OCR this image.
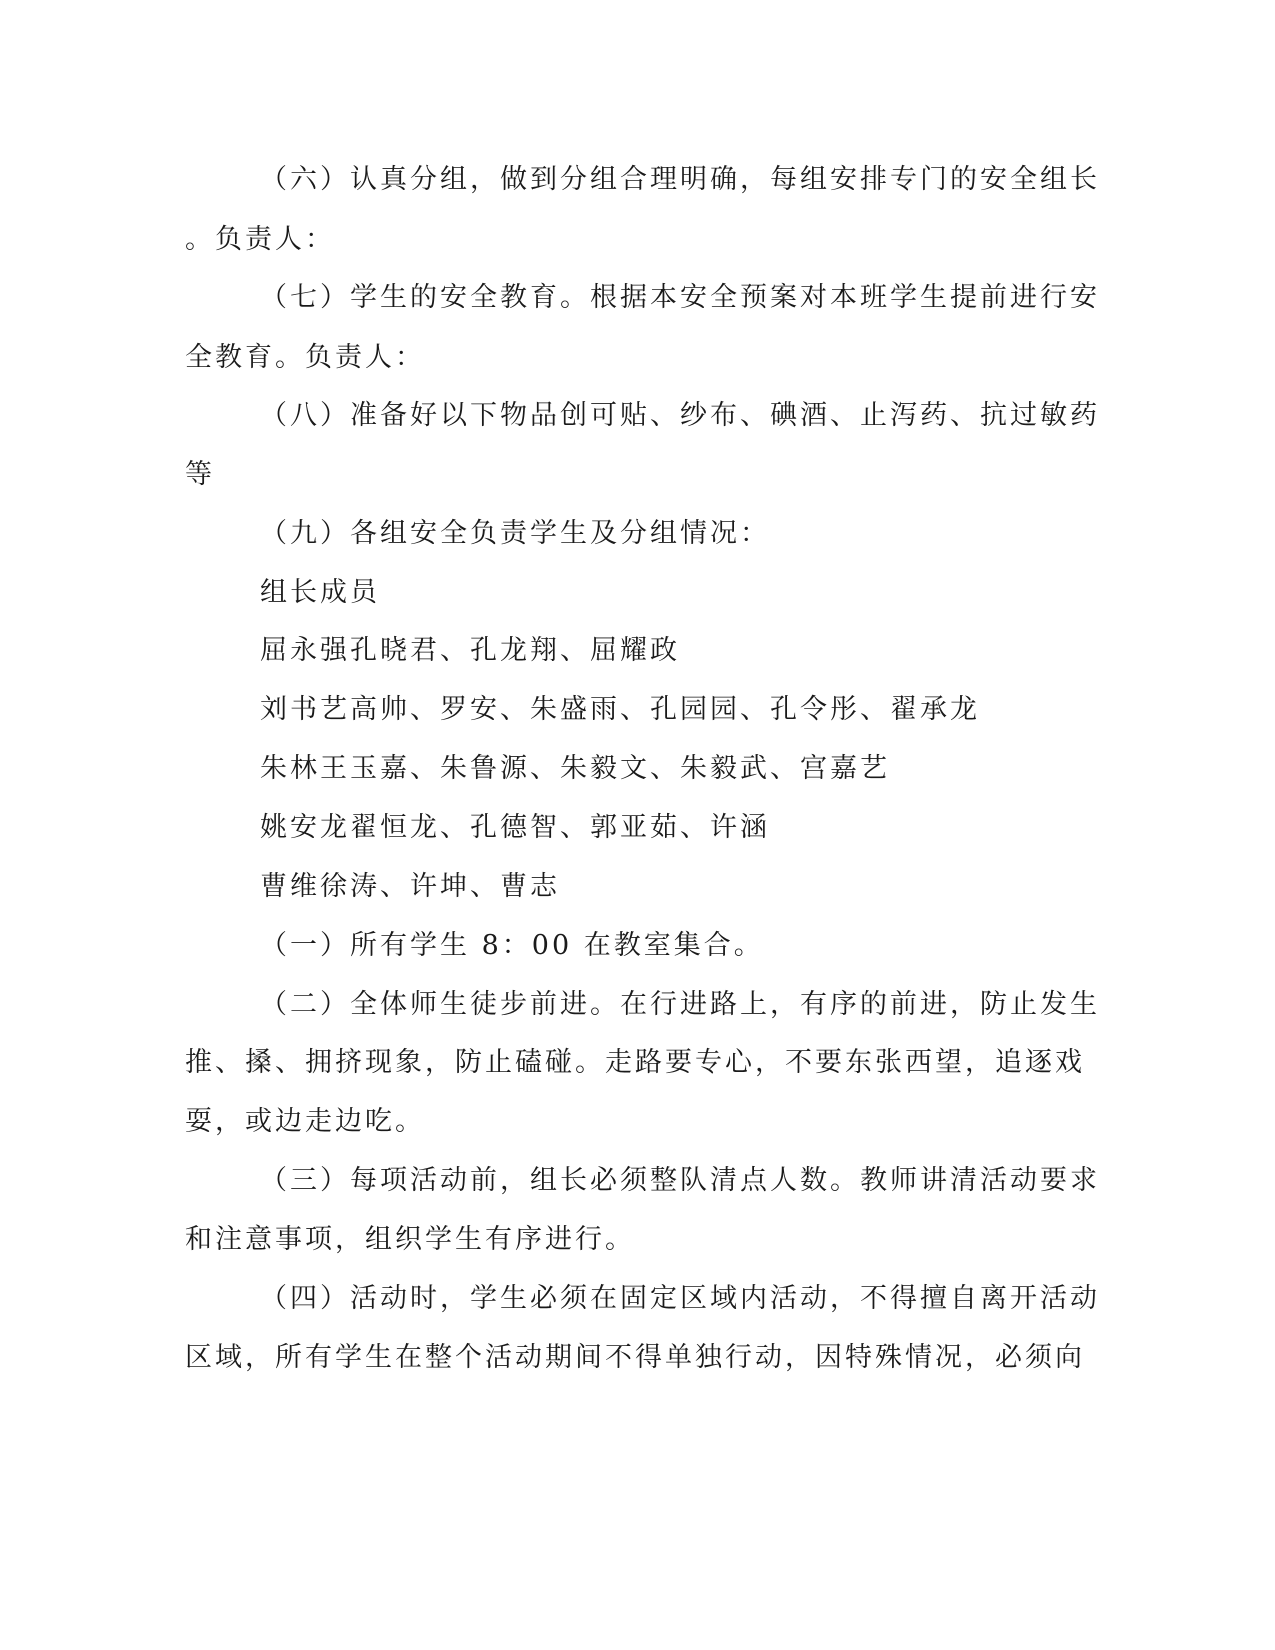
（六）认真分组，做到分组合理明确，每组安排专门的安全组长
。负责人：
（七）学生的安全教育。根据本安全预案对本班学生提前进行安
全教育。负责人：
（八）准备好以下物品创可贴、纱布、碘酒、止泻药、抗过敏药
等
（九）各组安全负责学生及分组情况：
组长成员
屈永强孔晓君、孔龙翔、屈耀政
刘书艺高帅、罗安、朱盛雨、孔园园、孔令彤、翟承龙
朱林王玉嘉、朱鲁源、朱毅文、朱毅武、宫嘉艺
姚安龙翟恒龙、孔德智、郭亚茹、许涵
曹维徐涛、许坤、曹志
（一）所有学生 8：00 在教室集合。
（二）全体师生徒步前进。在行进路上，有序的前进，防止发生
推、搡、拥挤现象，防止磕碰。走路要专心，不要东张西望，追逐戏
耍，或边走边吃。
（三）每项活动前，组长必须整队清点人数。教师讲清活动要求
和注意事项，组织学生有序进行。
（四）活动时，学生必须在固定区域内活动，不得擅自离开活动
区域，所有学生在整个活动期间不得单独行动，因特殊情况，必须向
